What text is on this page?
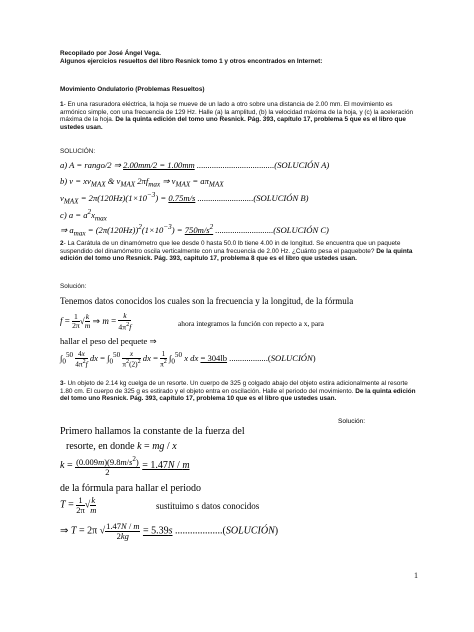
Recopilado por José Ángel Vega.

Algunos ejercicios resueltos del libro Resnick tomo 1 y otros encontrados en Internet:

Movimiento Ondulatorio (Problemas Resueltos)

1- En una rasuradora eléctrica, la hoja se mueve de un lado a otro sobre una distancia de 2.00 mm. El movimiento es armónico simple, con una frecuencia de 129 Hz. Halle (a) la amplitud, (b) la velocidad máxima de la hoja, y (c) la aceleración máxima de la hoja. De la quinta edición del tomo uno Resnick. Pág. 393, capítulo 17, problema 5 que es el libro que ustedes usan.

SOLUCIÓN:

a) A = rango/2 ⇒ 2.00mm/2 = 1.00mm ....................................(SOLUCIÓN A)
b) $v = x\nu_{MAX}$ & $\nu_{MAX}$ $2\pi f_{max}$ ⇒ $\nu_{MAX} = a\pi_{MAX}$
$\nu_{MAX} = 2\pi(120Hz)(1\times 10^{-3}) = 0.75m/s$ ..........................(SOLUCIÓN B)
c) $a = a^2x_{max}$
⇒ $a_{max} = (2\pi(120Hz))^2(1\times 10^{-3}) = 750m/s^2$ ...........................(SOLUCIÓN C)

2- La Carátula de un dinamómetro que lee desde 0 hasta 50.0 lb tiene 4.00 in de longitud. Se encuentra que un paquete suspendido del dinamómetro oscila verticalmente con una frecuencia de 2.00 Hz. ¿Cuánto pesa el paquebote? De la quinta edición del tomo uno Resnick. Pág. 393, capitulo 17, problema 8 que es el libro que ustedes usan.

Solución:

Tenemos datos conocidos los cuales son la frecuencia y la longitud, de la fórmula
$f = \frac{1}{2\pi}$ √ $\frac{k}{m}$ ⇒ $m = \frac{k}{4\pi^2f}$	ahora integramos la función con repecto a x, para
hallar el peso del pequete ⇒
$\int_0^{50} \frac{4x}{4\pi^2f}$ dx = $\int_0^{50} \frac{x}{\pi^2(2)^2}$ dx = $\frac{1}{\pi^2} \int_0^{50}$ x dx = 304lb ..................(SOLUCIÓN)

3- Un objeto de 2.14 kg cuelga de un resorte. Un cuerpo de 325 g colgado abajo del objeto estira adicionalmente al resorte 1.80 cm. El cuerpo de 325 g es estirado y el objeto entra en oscilación. Halle el periodo del movimiento. De la quinta edición del tomo uno Resnick. Pág. 393, capítulo 17, problema 10 que es el libro que ustedes usan.

Solución:
Primero hallamos la constante de la fuerza del
resorte, en donde k = mg / x
$k = \frac{(0.009m)(9.8m/s^2)}{2} = 1.47N / m$
de la fórmula para hallar el periodo
$T = \frac{1}{2\pi}$ √ $\frac{k}{m}$	sustituimo s datos conocidos
⇒ T = 2π √ $\frac{1.47N / m}{2kg} = 5.39s$ ...................(SOLUCIÓN)
1
